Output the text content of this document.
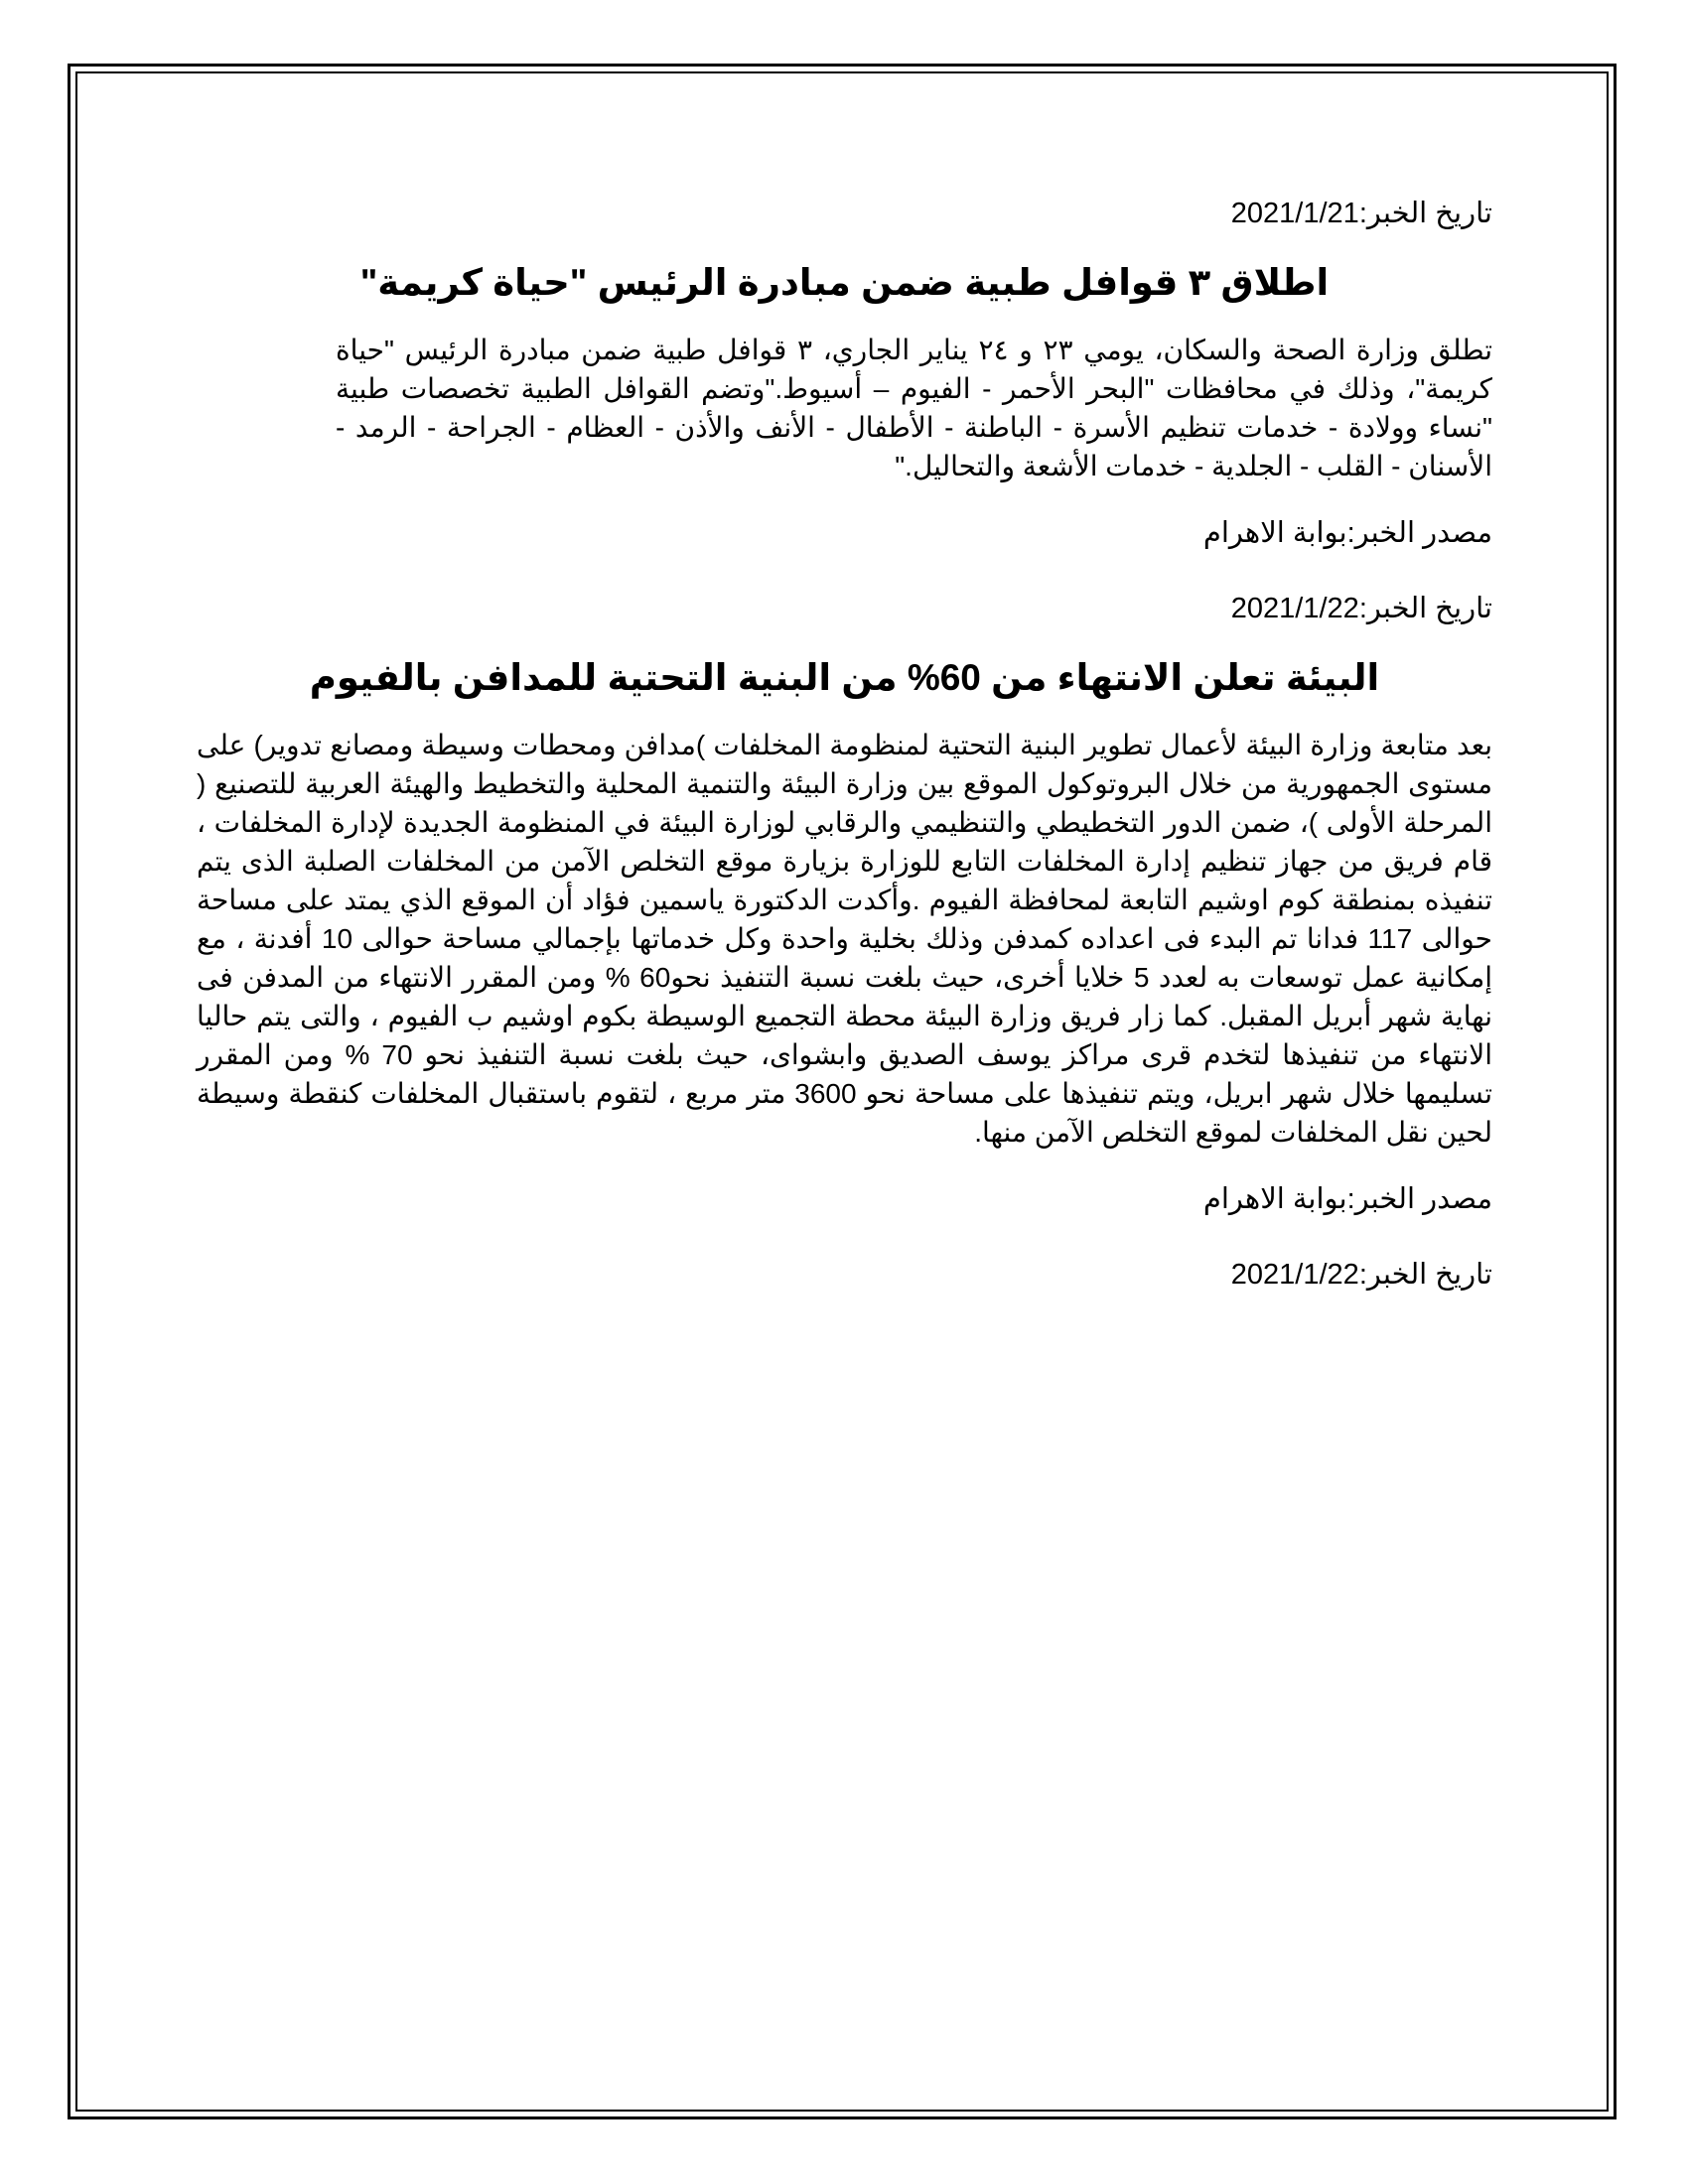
تاريخ الخبر:2021/1/21

اطلاق ٣ قوافل طبية ضمن مبادرة الرئيس "حياة كريمة"

تطلق وزارة الصحة والسكان، يومي ٢٣ و ٢٤ يناير الجاري، ٣ قوافل طبية ضمن مبادرة الرئيس "حياة كريمة"، وذلك في محافظات "البحر الأحمر - الفيوم – أسيوط."وتضم القوافل الطبية تخصصات طبية "نساء وولادة - خدمات تنظيم الأسرة - الباطنة - الأطفال - الأنف والأذن - العظام - الجراحة - الرمد - الأسنان - القلب - الجلدية - خدمات الأشعة والتحاليل."

مصدر الخبر:بوابة الاهرام

تاريخ الخبر:2021/1/22

البيئة تعلن الانتهاء من 60% من البنية التحتية للمدافن بالفيوم

بعد متابعة وزارة البيئة لأعمال تطوير البنية التحتية لمنظومة المخلفات )مدافن ومحطات وسيطة ومصانع تدوير) على مستوى الجمهورية من خلال البروتوكول الموقع بين وزارة البيئة والتنمية المحلية والتخطيط والهيئة العربية للتصنيع ( المرحلة الأولى )، ضمن الدور التخطيطي والتنظيمي والرقابي لوزارة البيئة في المنظومة الجديدة لإدارة المخلفات ، قام فريق من جهاز تنظيم إدارة المخلفات التابع للوزارة بزيارة موقع التخلص الآمن من المخلفات الصلبة الذى يتم تنفيذه بمنطقة كوم اوشيم التابعة لمحافظة الفيوم .وأكدت الدكتورة ياسمين فؤاد أن الموقع الذي يمتد على مساحة حوالى 117 فدانا تم البدء فى اعداده كمدفن وذلك بخلية واحدة وكل خدماتها بإجمالي مساحة حوالى 10 أفدنة ، مع إمكانية عمل توسعات به لعدد 5 خلايا أخرى، حيث بلغت نسبة التنفيذ نحو60 % ومن المقرر الانتهاء من المدفن فى نهاية شهر أبريل المقبل. كما زار فريق وزارة البيئة محطة التجميع الوسيطة بكوم اوشيم ب الفيوم ، والتى يتم حاليا الانتهاء من تنفيذها لتخدم قرى مراكز يوسف الصديق وابشواى، حيث بلغت نسبة التنفيذ نحو 70 % ومن المقرر تسليمها خلال شهر ابريل، ويتم تنفيذها على مساحة نحو 3600 متر مربع ، لتقوم باستقبال المخلفات كنقطة وسيطة لحين نقل المخلفات لموقع التخلص الآمن منها.

مصدر الخبر:بوابة الاهرام

تاريخ الخبر:2021/1/22
